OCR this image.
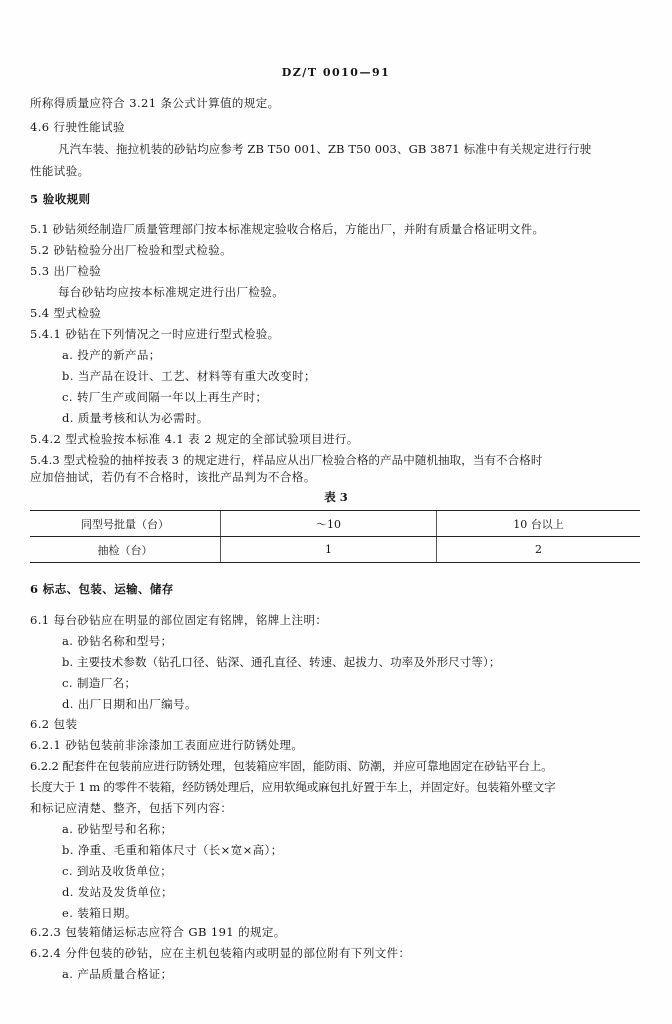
DZ/T 0010—91
所称得质量应符合 3.21 条公式计算值的规定。
4.6 行驶性能试验
凡汽车装、拖拉机装的砂钻均应参考 ZB T50 001、ZB T50 003、GB 3871 标准中有关规定进行行驶
性能试验。
5 验收规则
5.1 砂钻须经制造厂质量管理部门按本标准规定验收合格后，方能出厂，并附有质量合格证明文件。
5.2 砂钻检验分出厂检验和型式检验。
5.3 出厂检验
每台砂钻均应按本标准规定进行出厂检验。
5.4 型式检验
5.4.1 砂钻在下列情况之一时应进行型式检验。
a. 投产的新产品；
b. 当产品在设计、工艺、材料等有重大改变时；
c. 转厂生产或间隔一年以上再生产时；
d. 质量考核和认为必需时。
5.4.2 型式检验按本标准 4.1 表 2 规定的全部试验项目进行。
5.4.3 型式检验的抽样按表 3 的规定进行，样品应从出厂检验合格的产品中随机抽取，当有不合格时
应加倍抽试，若仍有不合格时，该批产品判为不合格。
表 3
同型号批量（台）	～10	10 台以上
抽检（台）	1	2
6 标志、包装、运输、储存
6.1 每台砂钻应在明显的部位固定有铭牌，铭牌上注明：
a. 砂钻名称和型号；
b. 主要技术参数（钻孔口径、钻深、通孔直径、转速、起拔力、功率及外形尺寸等）；
c. 制造厂名；
d. 出厂日期和出厂编号。
6.2 包装
6.2.1 砂钻包装前非涂漆加工表面应进行防锈处理。
6.2.2 配套件在包装前应进行防锈处理，包装箱应牢固，能防雨、防潮，并应可靠地固定在砂钻平台上。
长度大于 1 m 的零件不装箱，经防锈处理后，应用软绳或麻包扎好置于车上，并固定好。包装箱外壁文字
和标记应清楚、整齐，包括下列内容：
a. 砂钻型号和名称；
b. 净重、毛重和箱体尺寸（长×宽×高）；
c. 到站及收货单位；
d. 发站及发货单位；
e. 装箱日期。
6.2.3 包装箱储运标志应符合 GB 191 的规定。
6.2.4 分件包装的砂钻，应在主机包装箱内或明显的部位附有下列文件：
a. 产品质量合格证；
